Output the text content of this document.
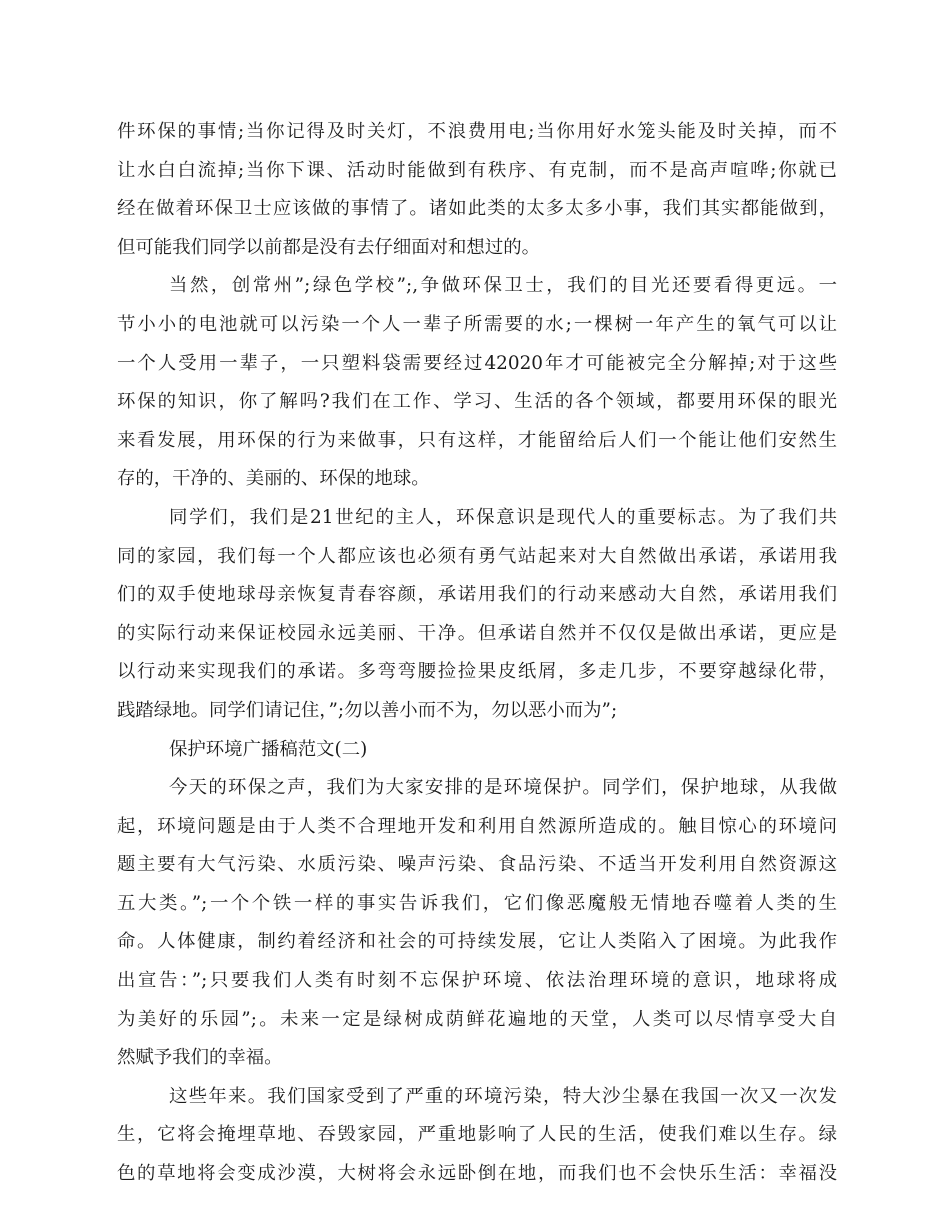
件环保的事情;当你记得及时关灯，不浪费用电;当你用好水笼头能及时关掉，而不
让水白白流掉;当你下课、活动时能做到有秩序、有克制，而不是高声喧哗;你就已
经在做着环保卫士应该做的事情了。诸如此类的太多太多小事，我们其实都能做到，
但可能我们同学以前都是没有去仔细面对和想过的。
当然，创常州”;绿色学校”;,争做环保卫士，我们的目光还要看得更远。一
节小小的电池就可以污染一个人一辈子所需要的水;一棵树一年产生的氧气可以让
一个人受用一辈子，一只塑料袋需要经过42020年才可能被完全分解掉;对于这些
环保的知识，你了解吗?我们在工作、学习、生活的各个领域，都要用环保的眼光
来看发展，用环保的行为来做事，只有这样，才能留给后人们一个能让他们安然生
存的，干净的、美丽的、环保的地球。
同学们，我们是21世纪的主人，环保意识是现代人的重要标志。为了我们共
同的家园，我们每一个人都应该也必须有勇气站起来对大自然做出承诺，承诺用我
们的双手使地球母亲恢复青春容颜，承诺用我们的行动来感动大自然，承诺用我们
的实际行动来保证校园永远美丽、干净。但承诺自然并不仅仅是做出承诺，更应是
以行动来实现我们的承诺。多弯弯腰捡捡果皮纸屑，多走几步，不要穿越绿化带，
践踏绿地。同学们请记住，”;勿以善小而不为，勿以恶小而为”;
保护环境广播稿范文(二)
今天的环保之声，我们为大家安排的是环境保护。同学们，保护地球，从我做
起，环境问题是由于人类不合理地开发和利用自然源所造成的。触目惊心的环境问
题主要有大气污染、水质污染、噪声污染、食品污染、不适当开发利用自然资源这
五大类。”;一个个铁一样的事实告诉我们，它们像恶魔般无情地吞噬着人类的生
命。人体健康，制约着经济和社会的可持续发展，它让人类陷入了困境。为此我作
出宣告：”;只要我们人类有时刻不忘保护环境、依法治理环境的意识，地球将成
为美好的乐园”;。未来一定是绿树成荫鲜花遍地的天堂，人类可以尽情享受大自
然赋予我们的幸福。
这些年来。我们国家受到了严重的环境污染，特大沙尘暴在我国一次又一次发
生，它将会掩埋草地、吞毁家园，严重地影响了人民的生活，使我们难以生存。绿
色的草地将会变成沙漠，大树将会永远卧倒在地，而我们也不会快乐生活：幸福没
